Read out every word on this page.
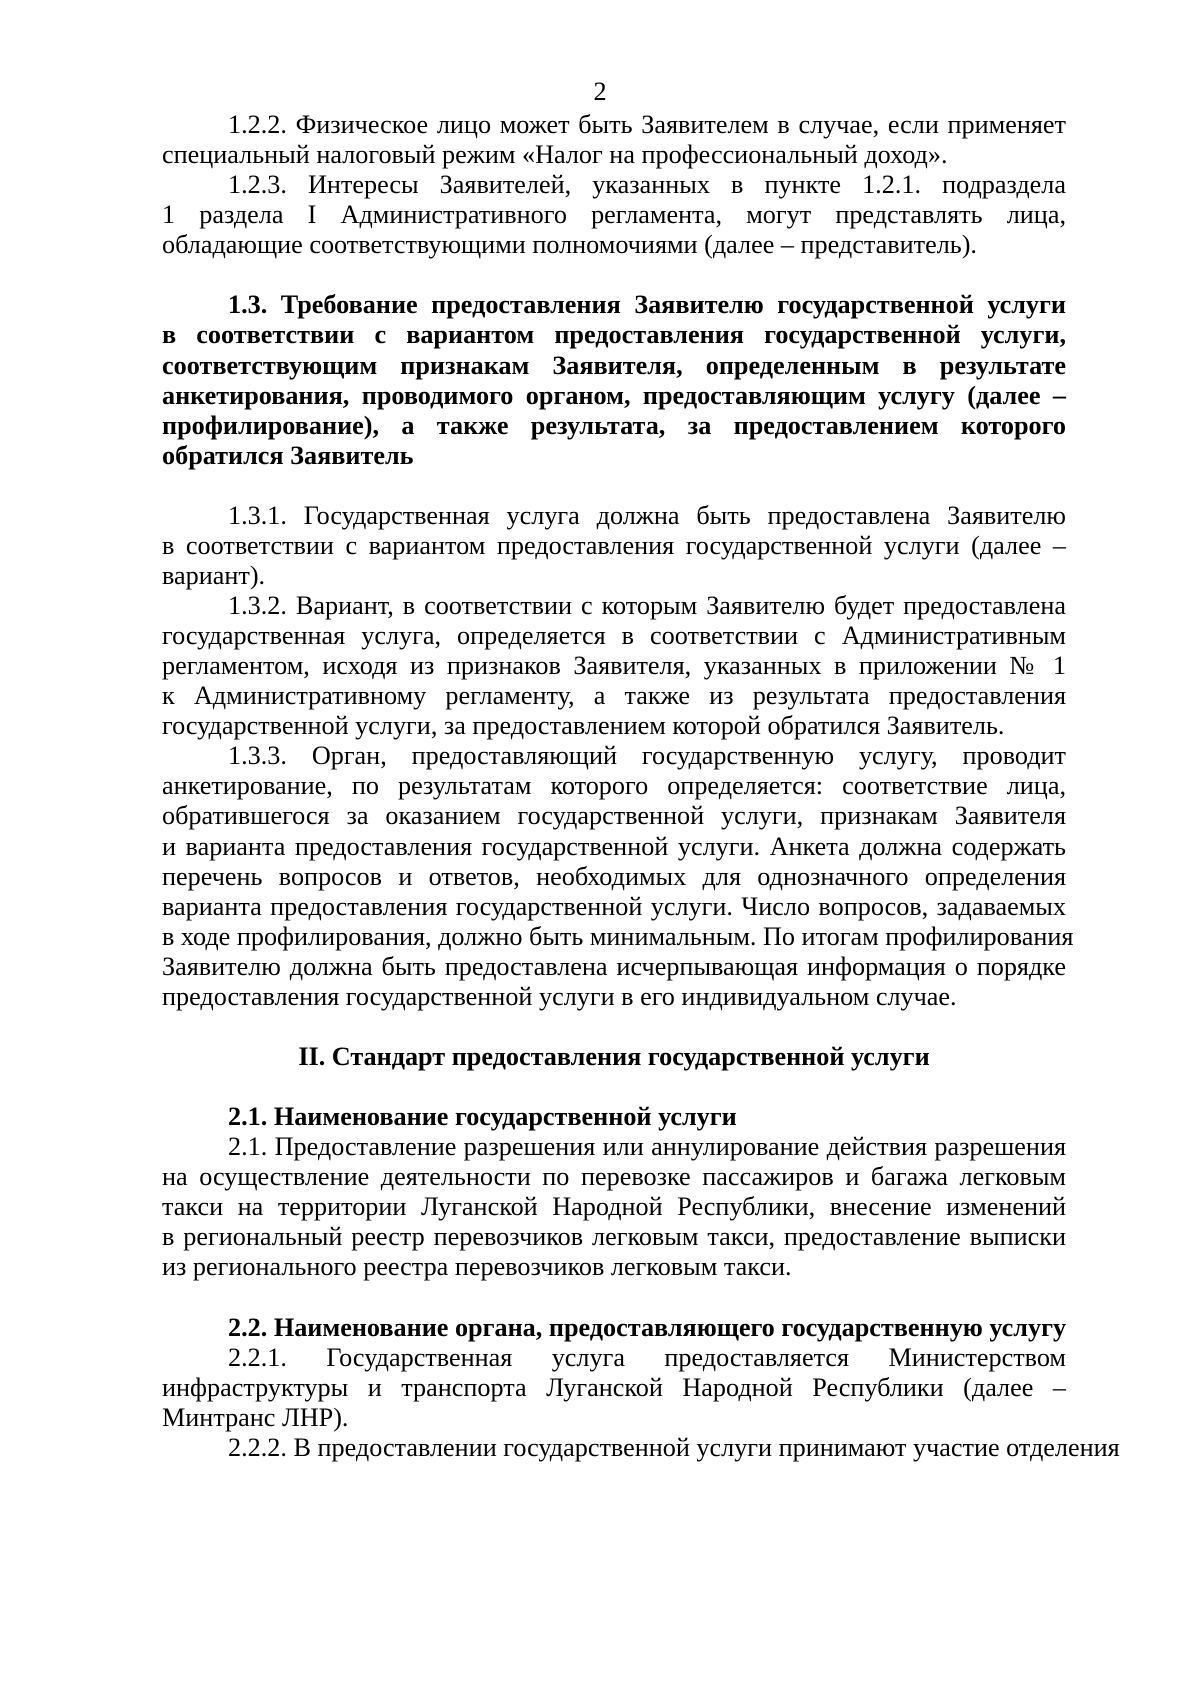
2
1.2.2. Физическое лицо может быть Заявителем в случае, если применяет
специальный налоговый режим «Налог на профессиональный доход».
1.2.3. Интересы Заявителей, указанных в пункте 1.2.1. подраздела
1 раздела I Административного регламента, могут представлять лица,
обладающие соответствующими полномочиями (далее – представитель).
1.3. Требование предоставления Заявителю государственной услуги
в соответствии с вариантом предоставления государственной услуги,
соответствующим признакам Заявителя, определенным в результате
анкетирования, проводимого органом, предоставляющим услугу (далее –
профилирование), а также результата, за предоставлением которого
обратился Заявитель
1.3.1. Государственная услуга должна быть предоставлена Заявителю
в соответствии с вариантом предоставления государственной услуги (далее –
вариант).
1.3.2. Вариант, в соответствии с которым Заявителю будет предоставлена
государственная услуга, определяется в соответствии с Административным
регламентом, исходя из признаков Заявителя, указанных в приложении № 1
к Административному регламенту, а также из результата предоставления
государственной услуги, за предоставлением которой обратился Заявитель.
1.3.3. Орган, предоставляющий государственную услугу, проводит
анкетирование, по результатам которого определяется: соответствие лица,
обратившегося за оказанием государственной услуги, признакам Заявителя
и варианта предоставления государственной услуги. Анкета должна содержать
перечень вопросов и ответов, необходимых для однозначного определения
варианта предоставления государственной услуги. Число вопросов, задаваемых
в ходе профилирования, должно быть минимальным. По итогам профилирования
Заявителю должна быть предоставлена исчерпывающая информация о порядке
предоставления государственной услуги в его индивидуальном случае.
II. Стандарт предоставления государственной услуги
2.1. Наименование государственной услуги
2.1. Предоставление разрешения или аннулирование действия разрешения
на осуществление деятельности по перевозке пассажиров и багажа легковым
такси на территории Луганской Народной Республики, внесение изменений
в региональный реестр перевозчиков легковым такси, предоставление выписки
из регионального реестра перевозчиков легковым такси.
2.2. Наименование органа, предоставляющего государственную услугу
2.2.1. Государственная услуга предоставляется Министерством
инфраструктуры и транспорта Луганской Народной Республики (далее –
Минтранс ЛНР).
2.2.2. В предоставлении государственной услуги принимают участие отделения
